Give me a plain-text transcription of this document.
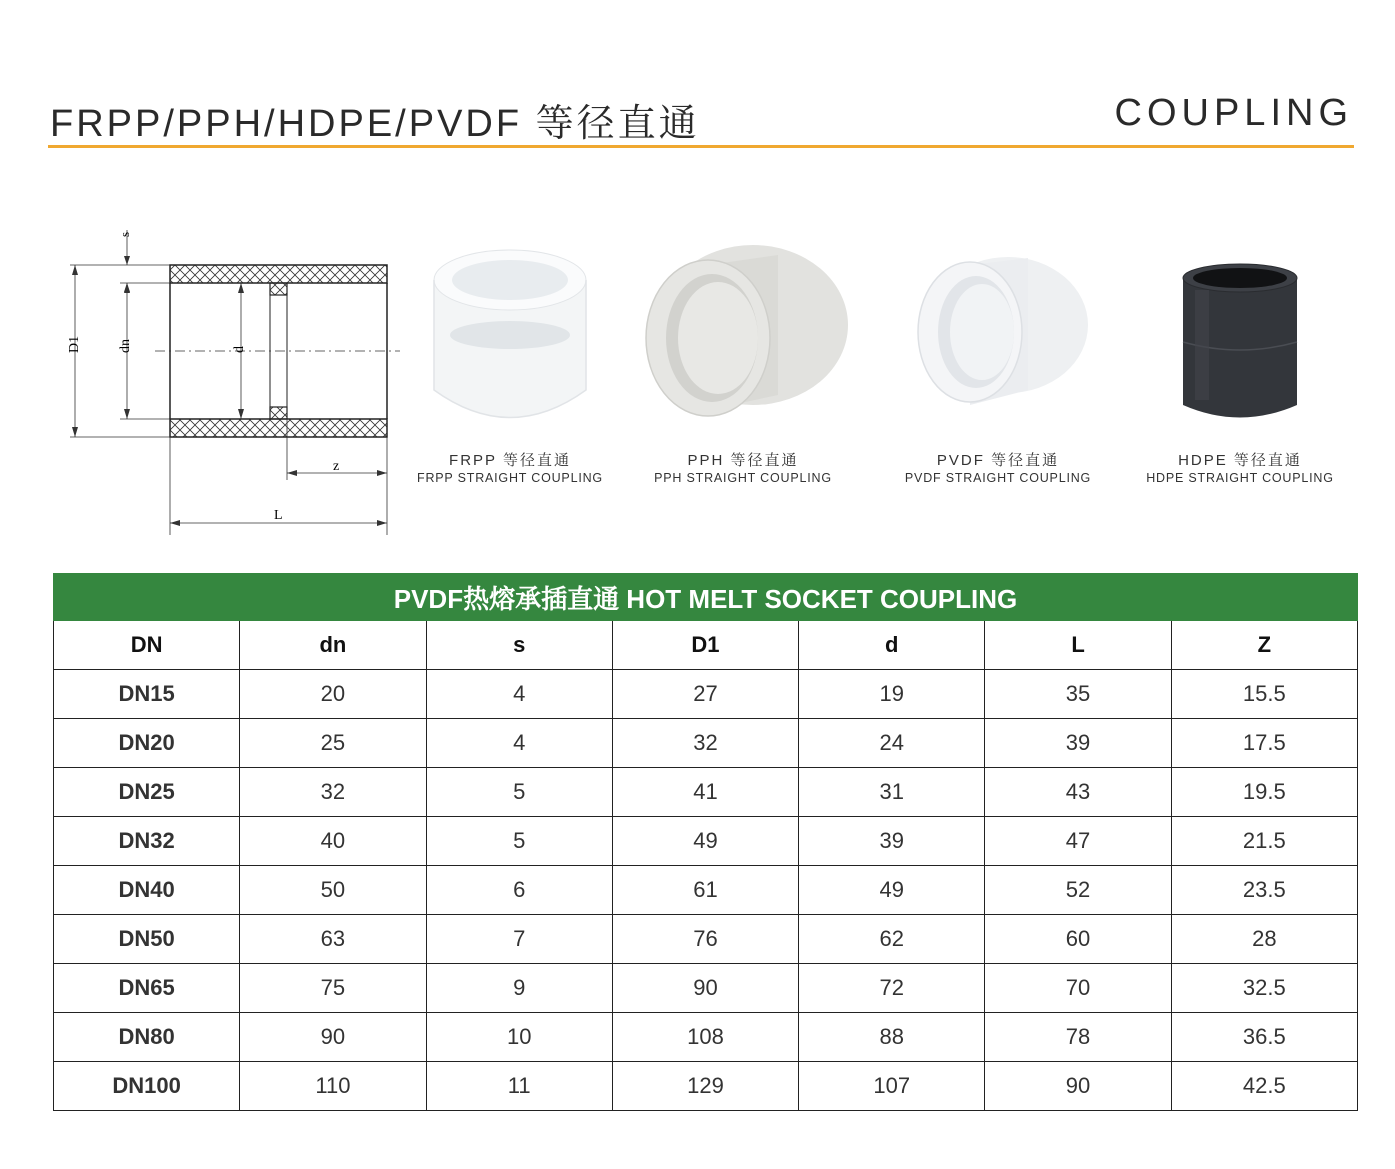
FRPP/PPH/HDPE/PVDF 等径直通	COUPLING
D1	dn
s
d
z
L
FRPP 等径直通
FRPP STRAIGHT COUPLING
PPH 等径直通
PPH STRAIGHT COUPLING
PVDF 等径直通
PVDF STRAIGHT COUPLING
HDPE 等径直通
HDPE STRAIGHT COUPLING
PVDF热熔承插直通 HOT MELT SOCKET COUPLING						
DN	dn	s	D1	d	L	Z
DN15	20	4	27	19	35	15.5
DN20	25	4	32	24	39	17.5
DN25	32	5	41	31	43	19.5
DN32	40	5	49	39	47	21.5
DN40	50	6	61	49	52	23.5
DN50	63	7	76	62	60	28
DN65	75	9	90	72	70	32.5
DN80	90	10	108	88	78	36.5
DN100	110	11	129	107	90	42.5
